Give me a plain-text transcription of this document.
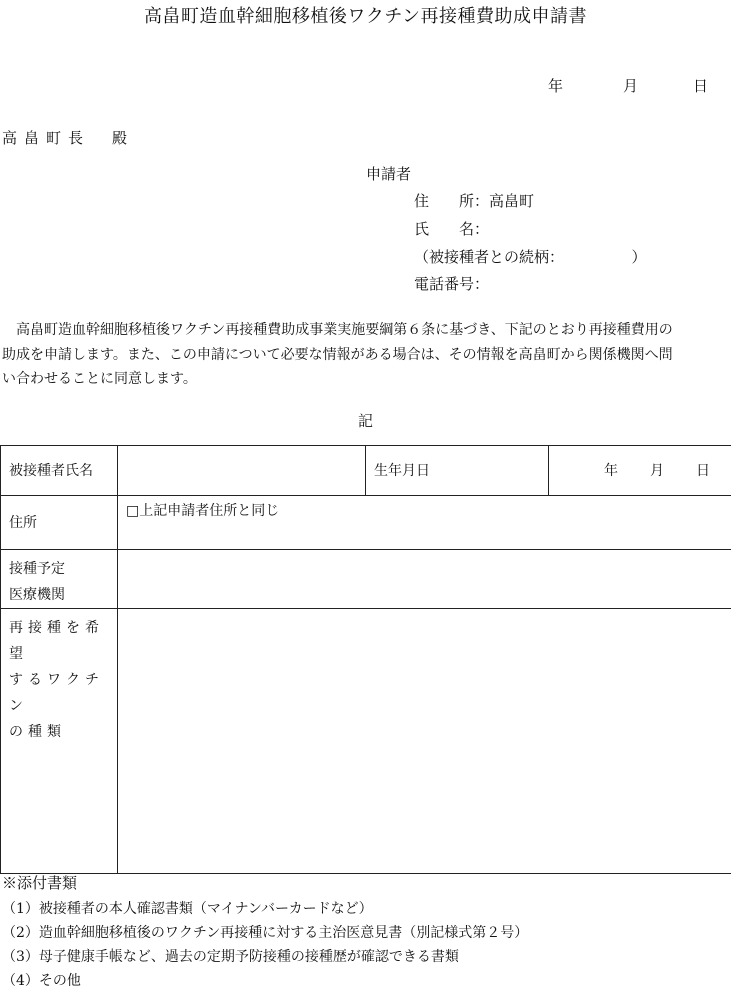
高畠町造血幹細胞移植後ワクチン再接種費助成申請書
年	月	日
高畠町長　殿
申請者
住　　所：高畠町
氏　　名：
（被接種者との続柄：　　　　　）
電話番号：
高畠町造血幹細胞移植後ワクチン再接種費助成事業実施要綱第６条に基づき、下記のとおり再接種費用の
助成を申請します。また、この申請について必要な情報がある場合は、その情報を高畠町から関係機関へ問
い合わせることに同意します。
記
被接種者氏名		生年月日	年 月 日

住所	□上記申請者住所と同じ		

接種予定
医療機関			

再接種を希望
するワクチン
の種類			

※添付書類
（1）被接種者の本人確認書類（マイナンバーカードなど）
（2）造血幹細胞移植後のワクチン再接種に対する主治医意見書（別記様式第２号）
（3）母子健康手帳など、過去の定期予防接種の接種歴が確認できる書類
（4）その他
